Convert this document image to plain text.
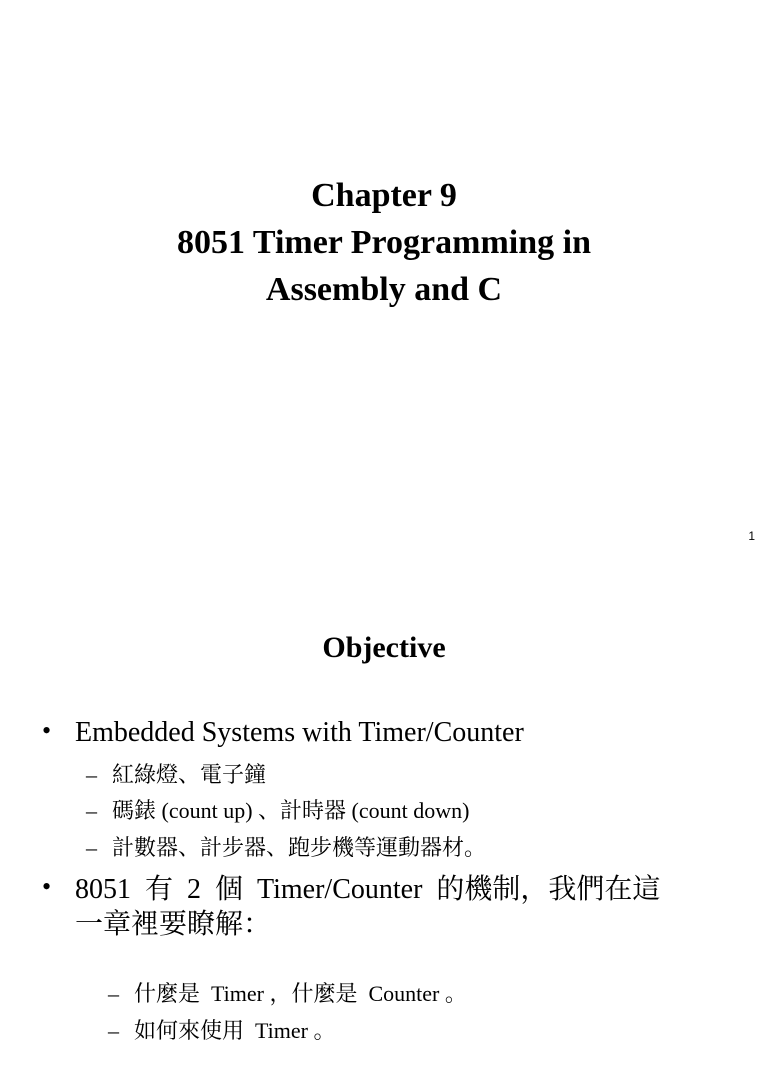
Chapter 9
8051 Timer Programming in
Assembly and C
1
Objective
• Embedded Systems with Timer/Counter
– 紅綠燈、電子鐘
– 碼錶 (count up) 、計時器 (count down)
– 計數器、計步器、跑步機等運動器材。
• 8051  有  2  個  Timer/Counter  的機制，我們在這
一章裡要瞭解：

– 什麼是  Timer ，什麼是  Counter 。

– 如何來使用  Timer 。
